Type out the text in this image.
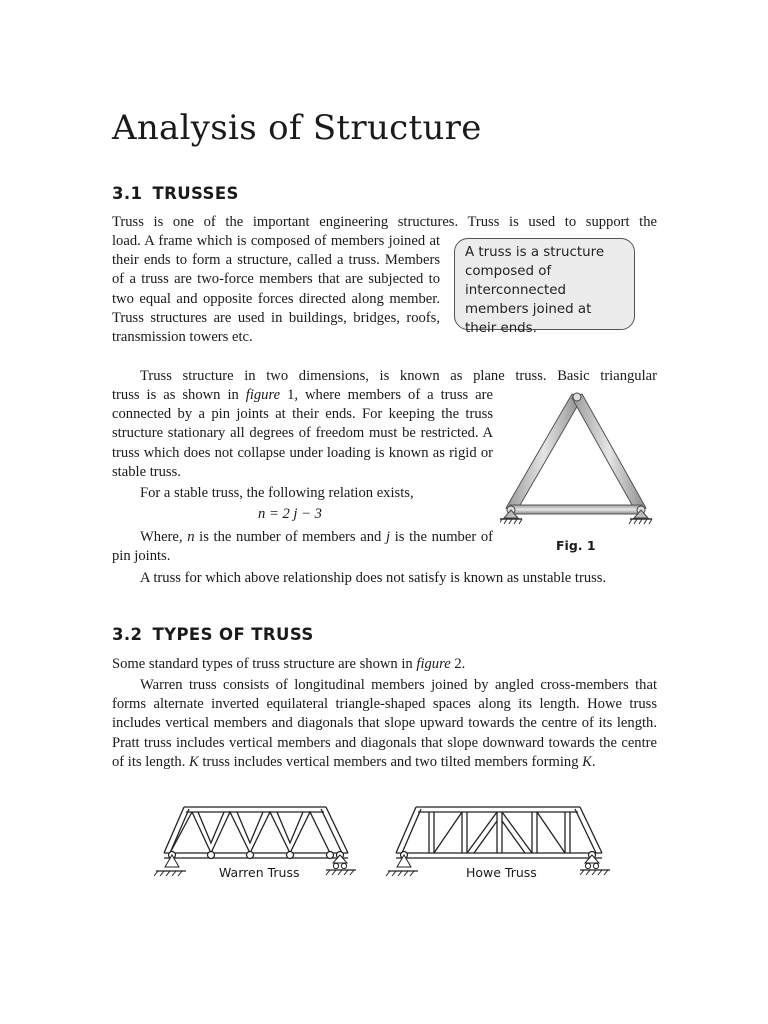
Analysis of Structure
3.1 TRUSSES

Truss is one of the important engineering structures. Truss is used to support the

load. A frame which is composed of members joined at their ends to form a structure, called a truss. Members of a truss are two-force members that are subjected to two equal and opposite forces directed along member. Truss structures are used in buildings, bridges, roofs, transmission towers etc.

A truss is a structure composed of interconnected members joined at their ends.

Truss structure in two dimensions, is known as plane truss. Basic triangular

truss is as shown in figure 1, where members of a truss are connected by a pin joints at their ends. For keeping the truss structure stationary all degrees of freedom must be restricted. A truss which does not collapse under loading is known as rigid or stable truss.

For a stable truss, the following relation exists,

n = 2 j − 3

Where, n is the number of members and j is the number of pin joints.

A truss for which above relationship does not satisfy is known as unstable truss.

Fig. 1

3.2 TYPES OF TRUSS

Some standard types of truss structure are shown in figure 2.

Warren truss consists of longitudinal members joined by angled cross-members that forms alternate inverted equilateral triangle-shaped spaces along its length. Howe truss includes vertical members and diagonals that slope upward towards the centre of its length. Pratt truss includes vertical members and diagonals that slope downward towards the centre of its length. K truss includes vertical members and two tilted members forming K.

Warren Truss	Howe Truss
